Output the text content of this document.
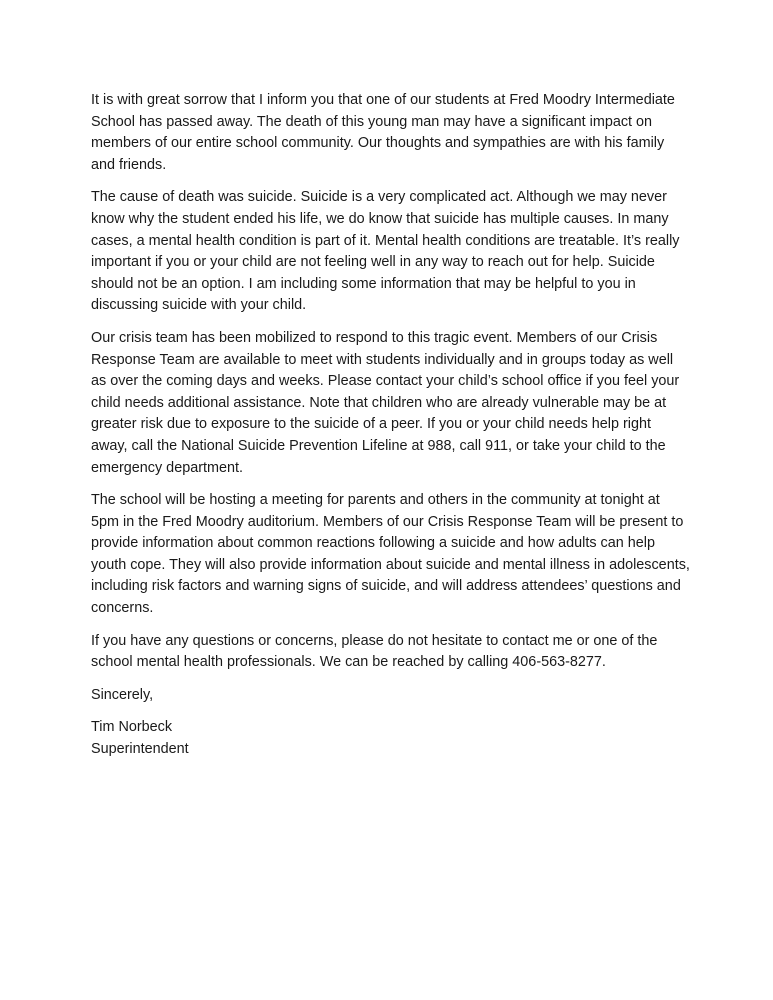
It is with great sorrow that I inform you that one of our students at Fred Moodry Intermediate School has passed away. The death of this young man may have a significant impact on members of our entire school community. Our thoughts and sympathies are with his family and friends.

The cause of death was suicide. Suicide is a very complicated act. Although we may never know why the student ended his life, we do know that suicide has multiple causes. In many cases, a mental health condition is part of it. Mental health conditions are treatable. It’s really important if you or your child are not feeling well in any way to reach out for help. Suicide should not be an option. I am including some information that may be helpful to you in discussing suicide with your child.

Our crisis team has been mobilized to respond to this tragic event. Members of our Crisis Response Team are available to meet with students individually and in groups today as well as over the coming days and weeks. Please contact your child’s school office if you feel your child needs additional assistance. Note that children who are already vulnerable may be at greater risk due to exposure to the suicide of a peer. If you or your child needs help right away, call the National Suicide Prevention Lifeline at 988, call 911, or take your child to the emergency department.

The school will be hosting a meeting for parents and others in the community at tonight at 5pm in the Fred Moodry auditorium. Members of our Crisis Response Team will be present to provide information about common reactions following a suicide and how adults can help youth cope. They will also provide information about suicide and mental illness in adolescents, including risk factors and warning signs of suicide, and will address attendees’ questions and concerns.

If you have any questions or concerns, please do not hesitate to contact me or one of the school mental health professionals. We can be reached by calling 406-563-8277.

Sincerely,

Tim Norbeck
Superintendent
